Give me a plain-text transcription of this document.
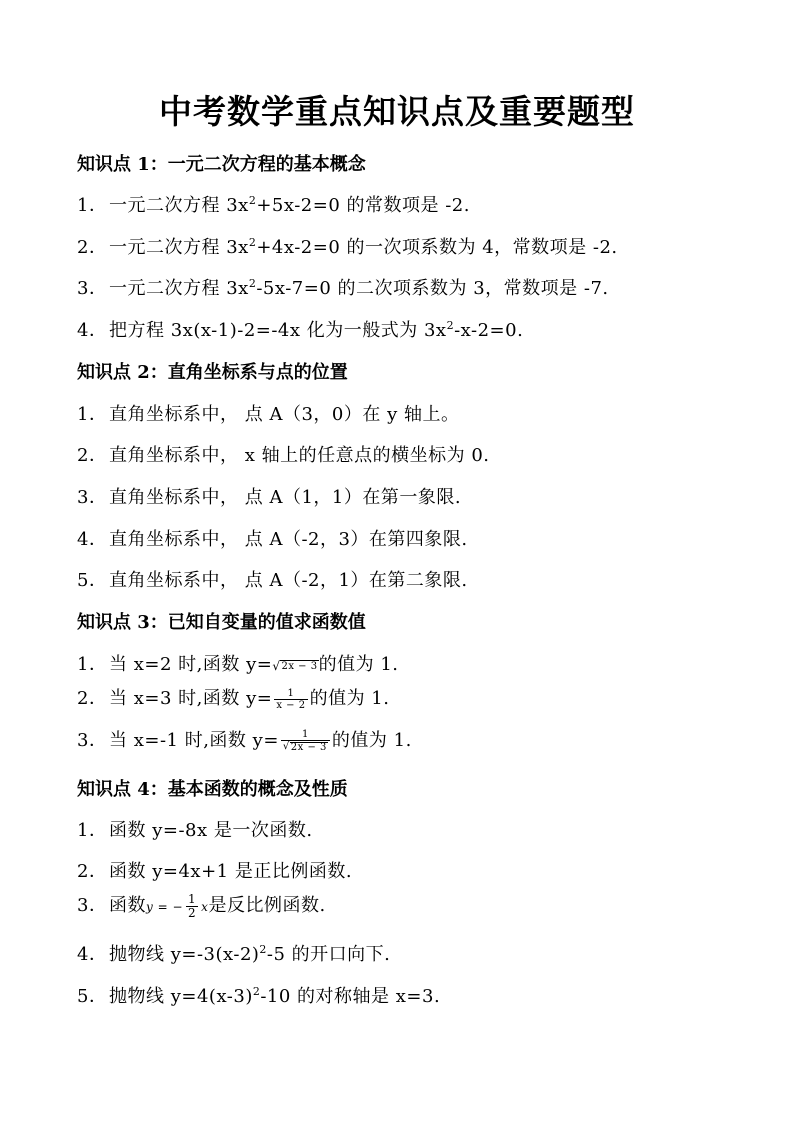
中考数学重点知识点及重要题型
知识点 1：一元二次方程的基本概念
1．一元二次方程 $3x^2+5x-2=0$ 的常数项是 -2.
2．一元二次方程 $3x^2+4x-2=0$ 的一次项系数为 4，常数项是 -2.
3．一元二次方程 $3x^2-5x-7=0$ 的二次项系数为 3，常数项是 -7.
4．把方程 3x(x-1)-2=-4x 化为一般式为 $3x^2-x-2=0$.
知识点 2：直角坐标系与点的位置
1．直角坐标系中， 点 A（3，0）在 y 轴上。
2．直角坐标系中， x 轴上的任意点的横坐标为 0.
3．直角坐标系中， 点 A（1，1）在第一象限.
4．直角坐标系中， 点 A（-2，3）在第四象限.
5．直角坐标系中， 点 A（-2，1）在第二象限.
知识点 3：已知自变量的值求函数值
1．当 x=2 时,函数 y= √ 2x − 3 的值为 1.
2．当 x=3 时,函数 $y= \frac{1}{x - 2}$ 的值为 1.
3．当 x=-1 时,函数 $y= \frac{1}{√ 2x - 3}$ 的值为 1.
知识点 4：基本函数的概念及性质
1．函数 y=-8x 是一次函数.
2．函数 y=4x+1 是正比例函数.
3．函数y = − $\frac{1}{2}$ x是反比例函数.
4．抛物线 $y=-3(x-2)^2-5$ 的开口向下.
5．抛物线 $y=4(x-3)^2-10$ 的对称轴是 x=3.
